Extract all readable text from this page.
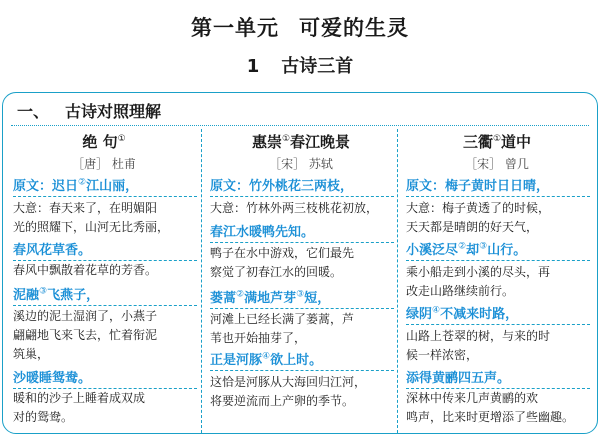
第一单元 可爱的生灵
1 古诗三首
一、 古诗对照理解
绝 句①
［唐］ 杜甫
原文：迟日②江山丽，
大意：春天来了，在明媚阳
光的照耀下，山河无比秀丽，
春风花草香。
春风中飘散着花草的芳香。
泥融③飞燕子，
溪边的泥土湿润了，小燕子
翩翩地飞来飞去，忙着衔泥
筑巢，
沙暖睡鸳鸯。
暖和的沙子上睡着成双成
对的鸳鸯。
惠崇①春江晚景
［宋］ 苏轼
原文：竹外桃花三两枝，
大意：竹林外两三枝桃花初放，
春江水暖鸭先知。
鸭子在水中游戏，它们最先
察觉了初春江水的回暖。
蒌蒿②满地芦芽③短，
河滩上已经长满了蒌蒿，芦
苇也开始抽芽了，
正是河豚④欲上时。
这恰是河豚从大海回归江河，
将要逆流而上产卵的季节。
三衢①道中
［宋］ 曾几
原文：梅子黄时日日晴，
大意：梅子黄透了的时候，
天天都是晴朗的好天气，
小溪泛尽②却③山行。
乘小船走到小溪的尽头，再
改走山路继续前行。
绿阴④不减来时路，
山路上苍翠的树，与来的时
候一样浓密，
添得黄鹂四五声。
深林中传来几声黄鹂的欢
鸣声，比来时更增添了些幽趣。
